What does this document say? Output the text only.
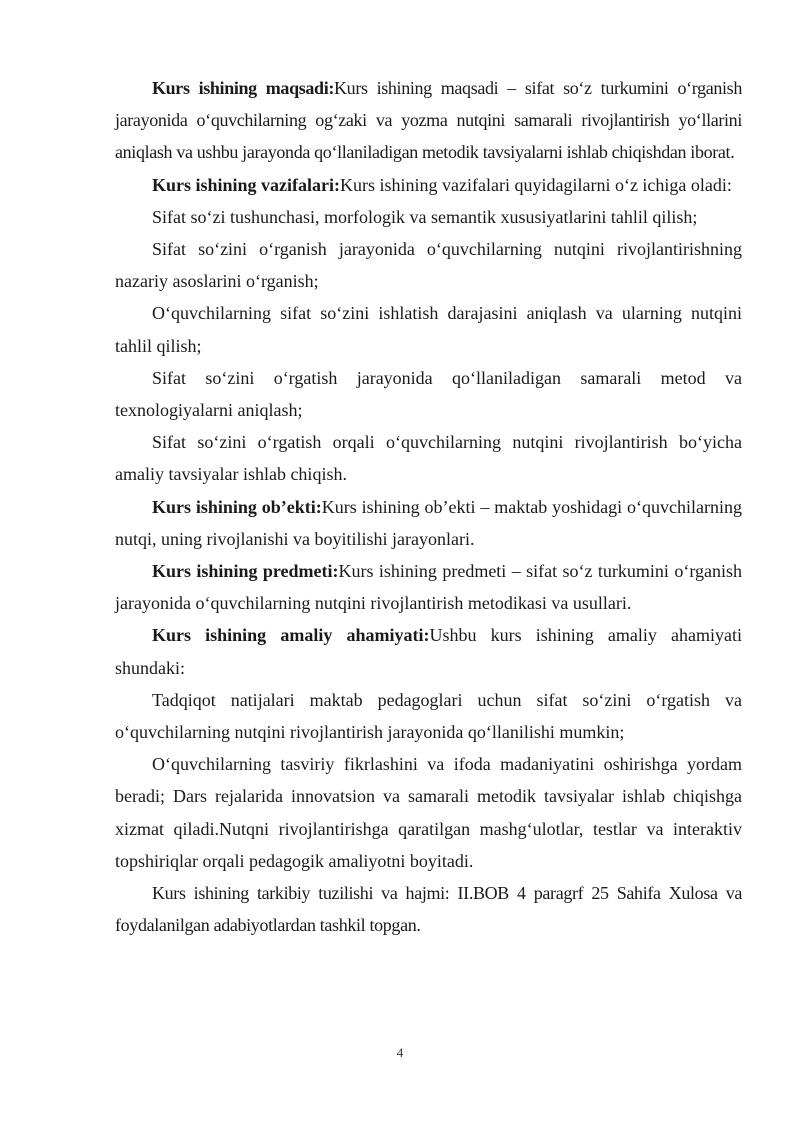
Kurs ishining maqsadi:Kurs ishining maqsadi – sifat so‘z turkumini o‘rganish jarayonida o‘quvchilarning og‘zaki va yozma nutqini samarali rivojlantirish yo‘llarini aniqlash va ushbu jarayonda qo‘llaniladigan metodik tavsiyalarni ishlab chiqishdan iborat.

Kurs ishining vazifalari:Kurs ishining vazifalari quyidagilarni o‘z ichiga oladi:

Sifat so‘zi tushunchasi, morfologik va semantik xususiyatlarini tahlil qilish;

Sifat so‘zini o‘rganish jarayonida o‘quvchilarning nutqini rivojlantirishning nazariy asoslarini o‘rganish;

O‘quvchilarning sifat so‘zini ishlatish darajasini aniqlash va ularning nutqini tahlil qilish;

Sifat so‘zini o‘rgatish jarayonida qo‘llaniladigan samarali metod va texnologiyalarni aniqlash;

Sifat so‘zini o‘rgatish orqali o‘quvchilarning nutqini rivojlantirish bo‘yicha amaliy tavsiyalar ishlab chiqish.

Kurs ishining ob’ekti:Kurs ishining ob’ekti – maktab yoshidagi o‘quvchilarning nutqi, uning rivojlanishi va boyitilishi jarayonlari.

Kurs ishining predmeti:Kurs ishining predmeti – sifat so‘z turkumini o‘rganish jarayonida o‘quvchilarning nutqini rivojlantirish metodikasi va usullari.

Kurs ishining amaliy ahamiyati:Ushbu kurs ishining amaliy ahamiyati shundaki:

Tadqiqot natijalari maktab pedagoglari uchun sifat so‘zini o‘rgatish va o‘quvchilarning nutqini rivojlantirish jarayonida qo‘llanilishi mumkin;

O‘quvchilarning tasviriy fikrlashini va ifoda madaniyatini oshirishga yordam beradi; Dars rejalarida innovatsion va samarali metodik tavsiyalar ishlab chiqishga xizmat qiladi.Nutqni rivojlantirishga qaratilgan mashg‘ulotlar, testlar va interaktiv topshiriqlar orqali pedagogik amaliyotni boyitadi.

Kurs ishining tarkibiy tuzilishi va hajmi: II.BOB 4 paragrf 25 Sahifa Xulosa va foydalanilgan adabiyotlardan tashkil topgan.

4
